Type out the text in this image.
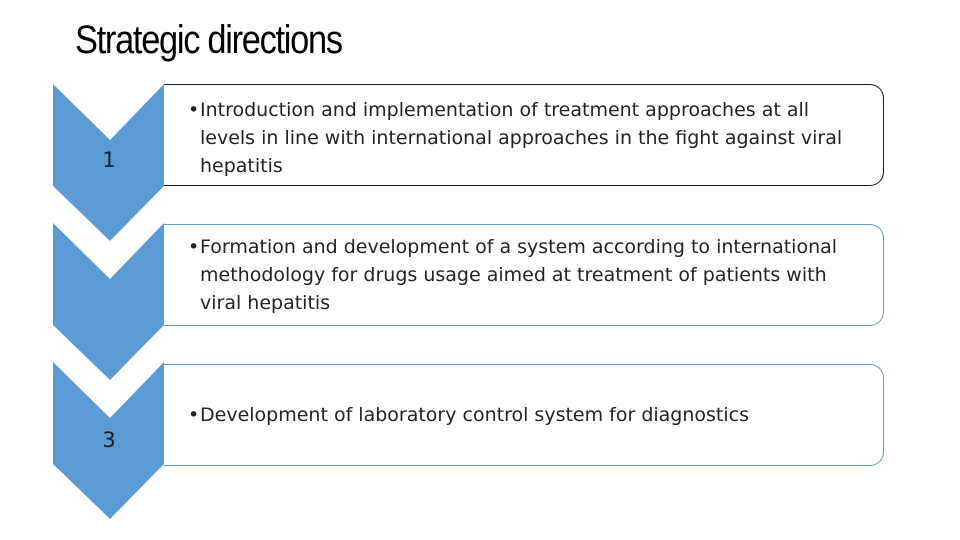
Strategic directions
1
3
•Introduction and implementation of treatment approaches at all levels in line with international approaches in the fight against viral hepatitis
•Formation and development of a system according to international methodology for drugs usage aimed at treatment of patients with viral hepatitis
•Development of laboratory control system for diagnostics
